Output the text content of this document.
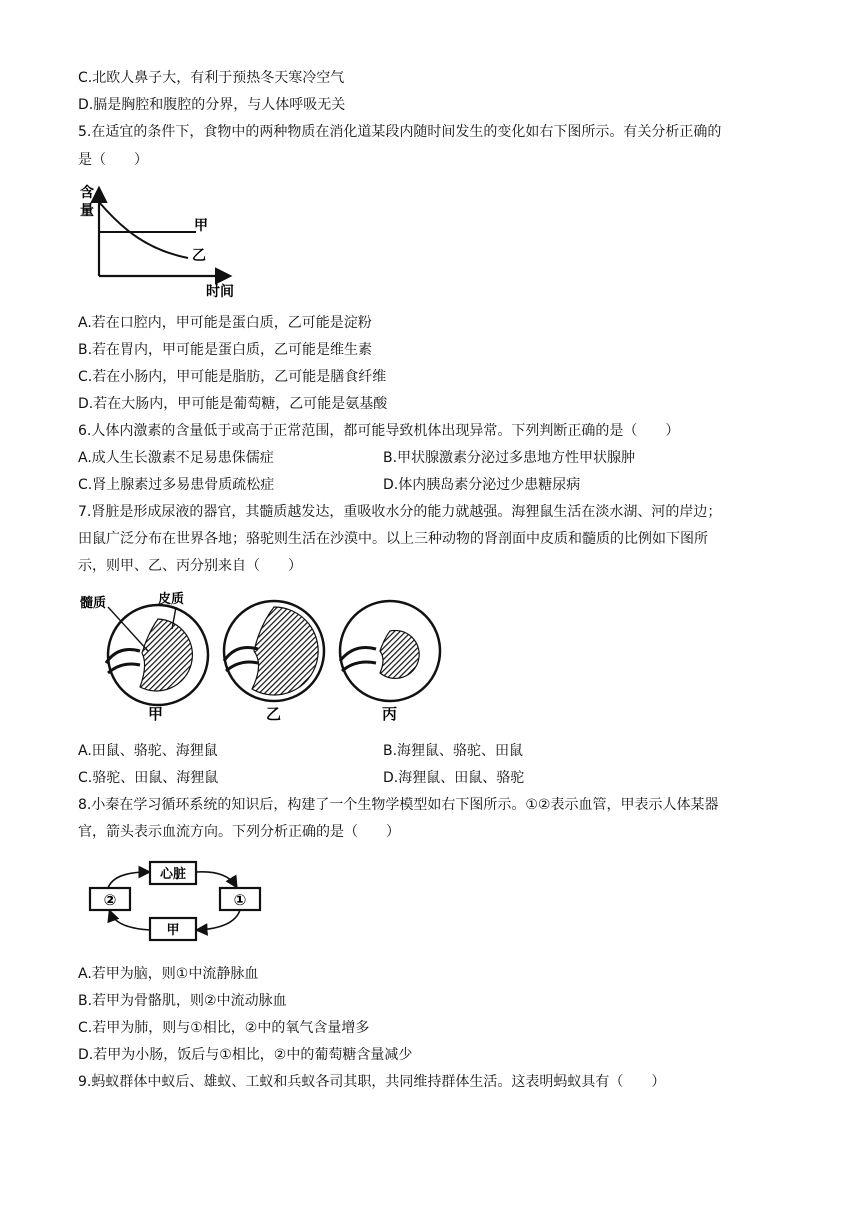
C.北欧人鼻子大，有利于预热冬天寒冷空气
D.膈是胸腔和腹腔的分界，与人体呼吸无关
5.在适宜的条件下，食物中的两种物质在消化道某段内随时间发生的变化如右下图所示。有关分析正确的
是（　　）
含
量
甲
乙
时间
A.若在口腔内，甲可能是蛋白质，乙可能是淀粉
B.若在胃内，甲可能是蛋白质，乙可能是维生素
C.若在小肠内，甲可能是脂肪，乙可能是膳食纤维
D.若在大肠内，甲可能是葡萄糖，乙可能是氨基酸
6.人体内激素的含量低于或高于正常范围，都可能导致机体出现异常。下列判断正确的是（　　）
A.成人生长激素不足易患侏儒症	B.甲状腺激素分泌过多患地方性甲状腺肿
C.肾上腺素过多易患骨质疏松症	D.体内胰岛素分泌过少患糖尿病
7.肾脏是形成尿液的器官，其髓质越发达，重吸收水分的能力就越强。海狸鼠生活在淡水湖、河的岸边；
田鼠广泛分布在世界各地；骆驼则生活在沙漠中。以上三种动物的肾剖面中皮质和髓质的比例如下图所
示，则甲、乙、丙分别来自（　　）
髓质	皮质
甲	乙	丙
A.田鼠、骆驼、海狸鼠	B.海狸鼠、骆驼、田鼠
C.骆驼、田鼠、海狸鼠	D.海狸鼠、田鼠、骆驼
8.小秦在学习循环系统的知识后，构建了一个生物学模型如右下图所示。①②表示血管，甲表示人体某器
官，箭头表示血流方向。下列分析正确的是（　　）
心脏
①
②
甲
A.若甲为脑，则①中流静脉血
B.若甲为骨骼肌，则②中流动脉血
C.若甲为肺，则与①相比，②中的氧气含量增多
D.若甲为小肠，饭后与①相比，②中的葡萄糖含量减少
9.蚂蚁群体中蚁后、雄蚁、工蚁和兵蚁各司其职，共同维持群体生活。这表明蚂蚁具有（　　）
